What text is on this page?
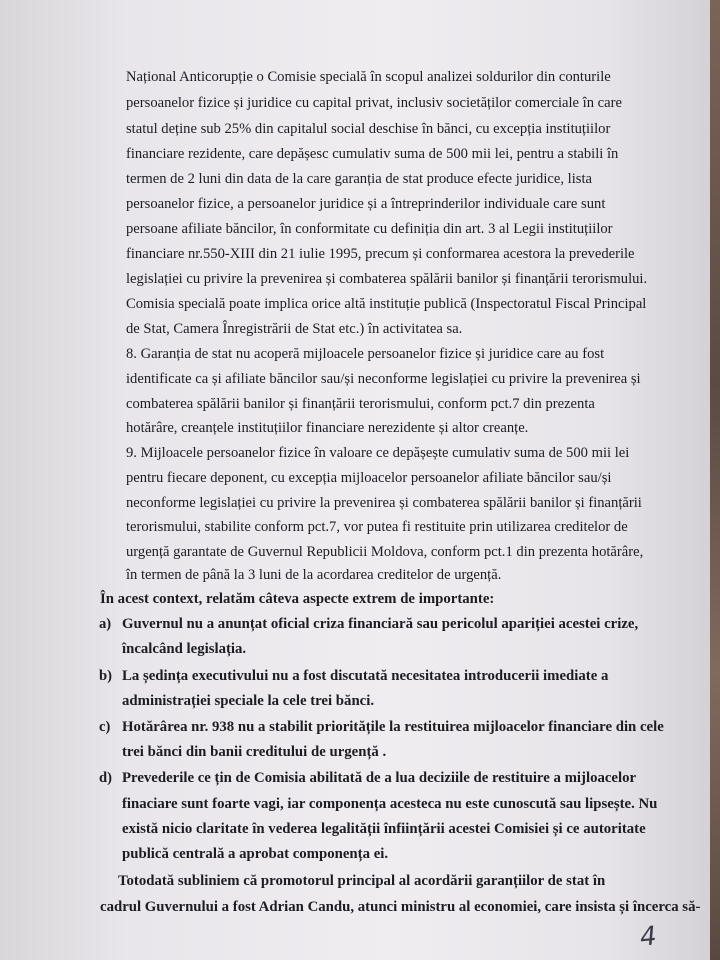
Național Anticorupție o Comisie specială în scopul analizei soldurilor din conturile
persoanelor fizice și juridice cu capital privat, inclusiv societăților comerciale în care
statul deține sub 25% din capitalul social deschise în bănci, cu excepția instituțiilor
financiare rezidente, care depășesc cumulativ suma de 500 mii lei, pentru a stabili în
termen de 2 luni din data de la care garanția de stat produce efecte juridice, lista
persoanelor fizice, a persoanelor juridice și a întreprinderilor individuale care sunt
persoane afiliate băncilor, în conformitate cu definiția din art. 3 al Legii instituțiilor
financiare nr.550-XIII din 21 iulie 1995, precum și conformarea acestora la prevederile
legislației cu privire la prevenirea și combaterea spălării banilor și finanțării terorismului.
Comisia specială poate implica orice altă instituție publică (Inspectoratul Fiscal Principal
de Stat, Camera Înregistrării de Stat etc.) în activitatea sa.
8. Garanția de stat nu acoperă mijloacele persoanelor fizice și juridice care au fost
identificate ca și afiliate băncilor sau/și neconforme legislației cu privire la prevenirea și
combaterea spălării banilor și finanțării terorismului, conform pct.7 din prezenta
hotărâre, creanțele instituțiilor financiare nerezidente și altor creanțe.
9. Mijloacele persoanelor fizice în valoare ce depășește cumulativ suma de 500 mii lei
pentru fiecare deponent, cu excepția mijloacelor persoanelor afiliate băncilor sau/și
neconforme legislației cu privire la prevenirea și combaterea spălării banilor și finanțării
terorismului, stabilite conform pct.7, vor putea fi restituite prin utilizarea creditelor de
urgență garantate de Guvernul Republicii Moldova, conform pct.1 din prezenta hotărâre,
în termen de până la 3 luni de la acordarea creditelor de urgență.
În acest context, relatăm câteva aspecte extrem de importante:
a) Guvernul nu a anunțat oficial criza financiară sau pericolul apariției acestei crize,
încalcând legislația.
b) La ședința executivului nu a fost discutată necesitatea introducerii imediate a
administrației speciale la cele trei bănci.
c) Hotărârea nr. 938 nu a stabilit prioritățile la restituirea mijloacelor financiare din cele
trei bănci din banii creditului de urgență .
d) Prevederile ce țin de Comisia abilitată de a lua deciziile de restituire a mijloacelor
finaciare sunt foarte vagi, iar componența acesteca nu este cunoscută sau lipsește. Nu
există nicio claritate în vederea legalității înființării acestei Comisiei și ce autoritate
publică centrală a aprobat componența ei.
Totodată subliniem că promotorul principal al acordării garanțiilor de stat în
cadrul Guvernului a fost Adrian Candu, atunci ministru al economiei, care insista și încerca să-
4
